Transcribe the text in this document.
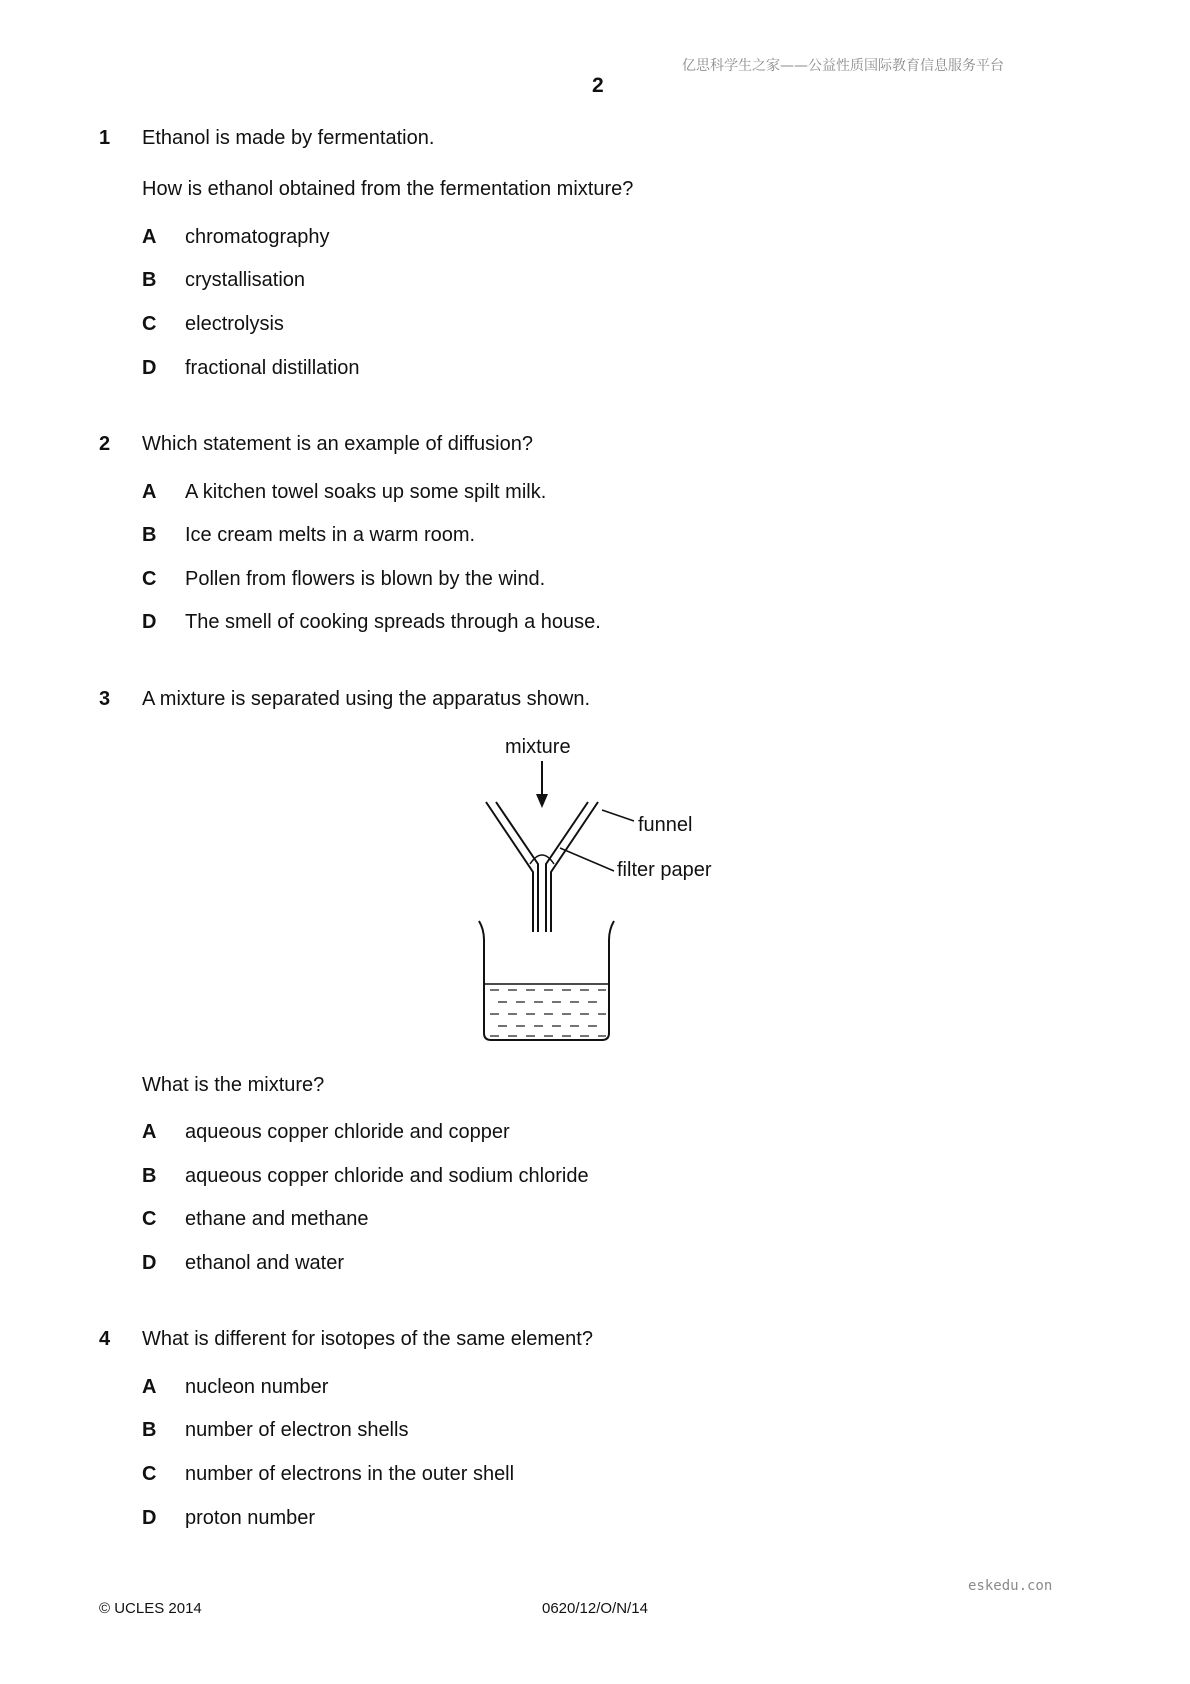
亿思科学生之家——公益性质国际教育信息服务平台
2
1 Ethanol is made by fermentation.
How is ethanol obtained from the fermentation mixture?
A chromatography
B crystallisation
C electrolysis
D fractional distillation
2 Which statement is an example of diffusion?
A A kitchen towel soaks up some spilt milk.
B Ice cream melts in a warm room.
C Pollen from flowers is blown by the wind.
D The smell of cooking spreads through a house.
3 A mixture is separated using the apparatus shown.
mixture
funnel
filter paper
What is the mixture?
A aqueous copper chloride and copper
B aqueous copper chloride and sodium chloride
C ethane and methane
D ethanol and water
4 What is different for isotopes of the same element?
A nucleon number
B number of electron shells
C number of electrons in the outer shell
D proton number
eskedu.con
© UCLES 2014	0620/12/O/N/14
